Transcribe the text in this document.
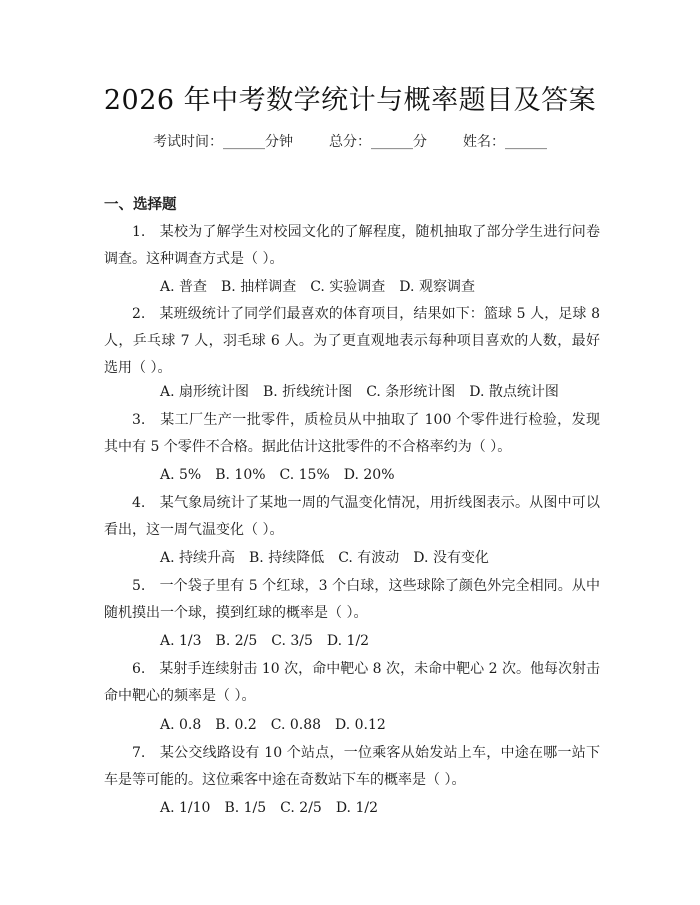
2026 年中考数学统计与概率题目及答案
考试时间：______分钟	总分：______分	姓名：______
一、选择题
1.　某校为了解学生对校园文化的了解程度，随机抽取了部分学生进行问卷调查。这种调查方式是（ ）。
A. 普查　B. 抽样调查　C. 实验调查　D. 观察调查
2.　某班级统计了同学们最喜欢的体育项目，结果如下：篮球 5 人，足球 8 人，乒乓球 7 人，羽毛球 6 人。为了更直观地表示每种项目喜欢的人数，最好选用（ ）。
A. 扇形统计图　B. 折线统计图　C. 条形统计图　D. 散点统计图
3.　某工厂生产一批零件，质检员从中抽取了 100 个零件进行检验，发现其中有 5 个零件不合格。据此估计这批零件的不合格率约为（ ）。
A. 5%　B. 10%　C. 15%　D. 20%
4.　某气象局统计了某地一周的气温变化情况，用折线图表示。从图中可以看出，这一周气温变化（ ）。
A. 持续升高　B. 持续降低　C. 有波动　D. 没有变化
5.　一个袋子里有 5 个红球，3 个白球，这些球除了颜色外完全相同。从中随机摸出一个球，摸到红球的概率是（ ）。
A. 1/3　B. 2/5　C. 3/5　D. 1/2
6.　某射手连续射击 10 次，命中靶心 8 次，未命中靶心 2 次。他每次射击命中靶心的频率是（ ）。
A. 0.8　B. 0.2　C. 0.88　D. 0.12
7.　某公交线路设有 10 个站点，一位乘客从始发站上车，中途在哪一站下车是等可能的。这位乘客中途在奇数站下车的概率是（ ）。
A. 1/10　B. 1/5　C. 2/5　D. 1/2
